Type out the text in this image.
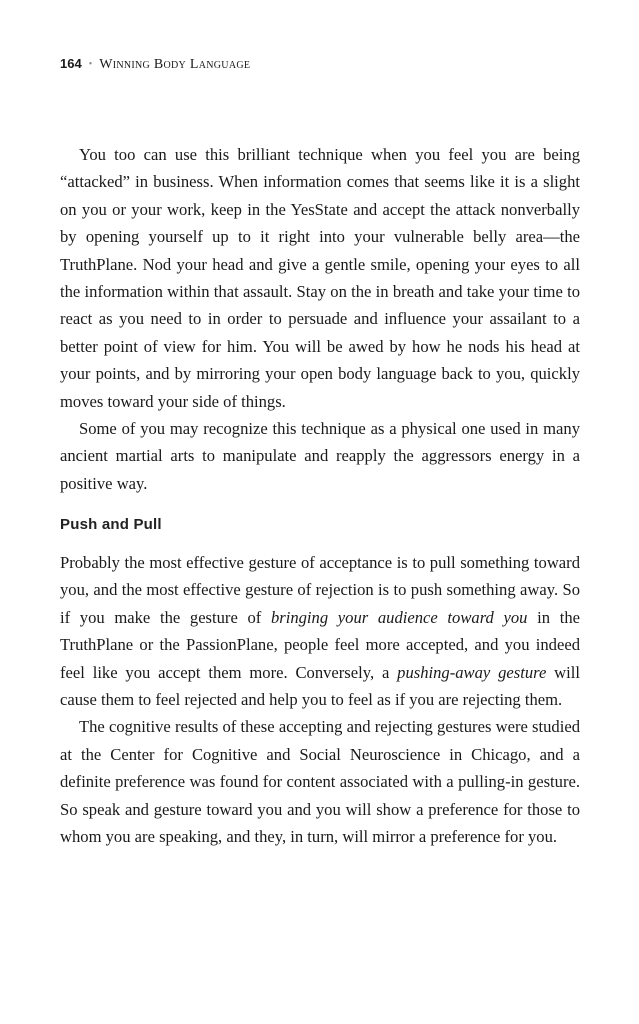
164 • Winning Body Language

You too can use this brilliant technique when you feel you are being “attacked” in business. When information comes that seems like it is a slight on you or your work, keep in the YesState and accept the attack nonverbally by opening yourself up to it right into your vulnerable belly area—the TruthPlane. Nod your head and give a gentle smile, opening your eyes to all the information within that assault. Stay on the in breath and take your time to react as you need to in order to persuade and influence your assailant to a better point of view for him. You will be awed by how he nods his head at your points, and by mirroring your open body language back to you, quickly moves toward your side of things.

Some of you may recognize this technique as a physical one used in many ancient martial arts to manipulate and reapply the aggressors energy in a positive way.

Push and Pull

Probably the most effective gesture of acceptance is to pull something toward you, and the most effective gesture of rejection is to push something away. So if you make the gesture of bringing your audience toward you in the TruthPlane or the PassionPlane, people feel more accepted, and you indeed feel like you accept them more. Conversely, a pushing-away gesture will cause them to feel rejected and help you to feel as if you are rejecting them.

The cognitive results of these accepting and rejecting gestures were studied at the Center for Cognitive and Social Neuroscience in Chicago, and a definite preference was found for content associated with a pulling-in gesture. So speak and gesture toward you and you will show a preference for those to whom you are speaking, and they, in turn, will mirror a preference for you.
